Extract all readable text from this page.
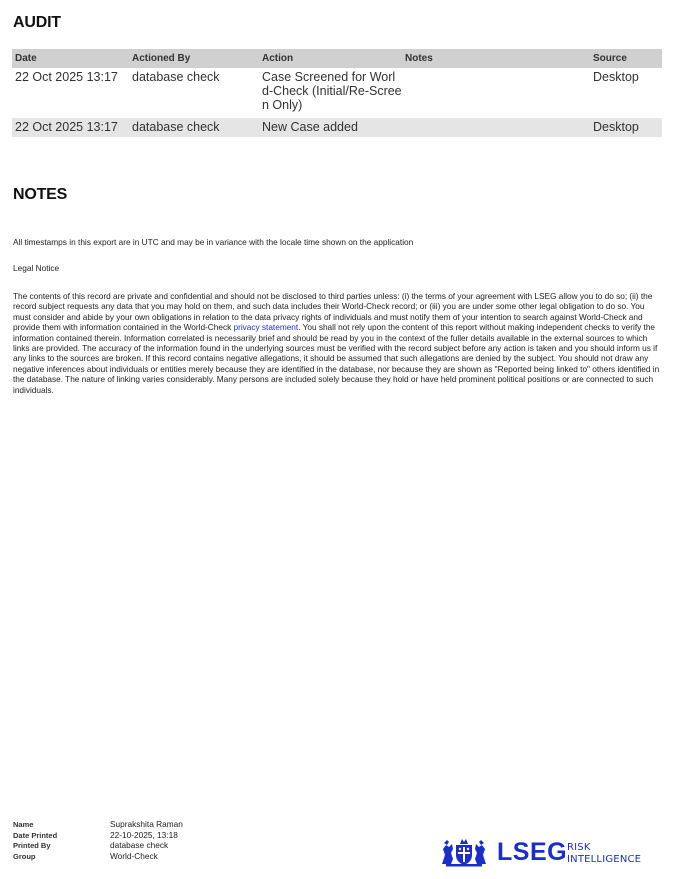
AUDIT
Date	Actioned By	Action	Notes	Source
22 Oct 2025 13:17	database check	Case Screened for World-Check (Initial/Re-Screen Only)		Desktop
22 Oct 2025 13:17	database check	New Case added		Desktop
NOTES

All timestamps in this export are in UTC and may be in variance with the locale time shown on the application

Legal Notice

The contents of this record are private and confidential and should not be disclosed to third parties unless: (i) the terms of your agreement with LSEG allow you to do so; (ii) the record subject requests any data that you may hold on them, and such data includes their World-Check record; or (iii) you are under some other legal obligation to do so. You must consider and abide by your own obligations in relation to the data privacy rights of individuals and must notify them of your intention to search against World-Check and provide them with information contained in the World-Check privacy statement. You shall not rely upon the content of this report without making independent checks to verify the information contained therein. Information correlated is necessarily brief and should be read by you in the context of the fuller details available in the external sources to which links are provided. The accuracy of the information found in the underlying sources must be verified with the record subject before any action is taken and you should inform us if any links to the sources are broken. If this record contains negative allegations, it should be assumed that such allegations are denied by the subject. You should not draw any negative inferences about individuals or entities merely because they are identified in the database, nor because they are shown as "Reported being linked to" others identified in the database. The nature of linking varies considerably. Many persons are included solely because they hold or have held prominent political positions or are connected to such individuals.

Name	Suprakshita Raman
Date Printed	22-10-2025, 13:18
Printed By	database check
Group	World-Check	LSEG RISK
INTELLIGENCE
